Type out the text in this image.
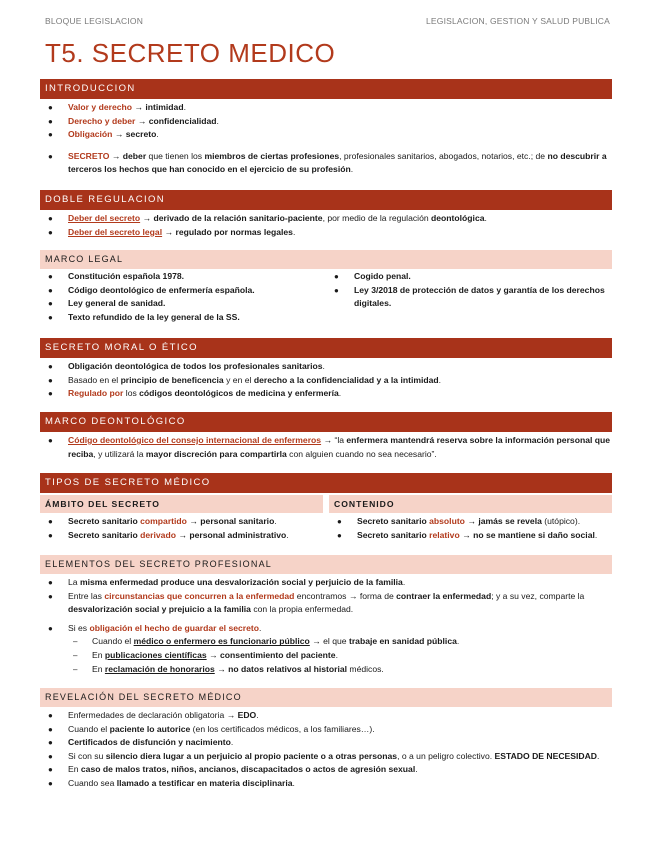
BLOQUE LEGISLACION	LEGISLACION, GESTION Y SALUD PUBLICA
T5. SECRETO MEDICO
INTRODUCCION
● Valor y derecho → intimidad.
● Derecho y deber → confidencialidad.
● Obligación → secreto.
● SECRETO → deber que tienen los miembros de ciertas profesiones, profesionales sanitarios, abogados, notarios, etc.; de no descubrir a terceros los hechos que han conocido en el ejercicio de su profesión.
DOBLE REGULACION
● Deber del secreto → derivado de la relación sanitario-paciente, por medio de la regulación deontológica.
● Deber del secreto legal → regulado por normas legales.
MARCO LEGAL
● Constitución española 1978.
● Código deontológico de enfermería española.
● Ley general de sanidad.
● Texto refundido de la ley general de la SS.
● Cogido penal.
● Ley 3/2018 de protección de datos y garantía de los derechos digitales.
SECRETO MORAL O ÉTICO
● Obligación deontológica de todos los profesionales sanitarios.
● Basado en el principio de beneficencia y en el derecho a la confidencialidad y a la intimidad.
● Regulado por los códigos deontológicos de medicina y enfermería.
MARCO DEONTOLÓGICO
● Código deontológico del consejo internacional de enfermeros → “la enfermera mantendrá reserva sobre la información personal que reciba, y utilizará la mayor discreción para compartirla con alguien cuando no sea necesario”.
TIPOS DE SECRETO MÉDICO
ÁMBITO DEL SECRETO
● Secreto sanitario compartido → personal sanitario.
● Secreto sanitario derivado → personal administrativo.
CONTENIDO
● Secreto sanitario absoluto → jamás se revela (utópico).
● Secreto sanitario relativo → no se mantiene si daño social.
ELEMENTOS DEL SECRETO PROFESIONAL
● La misma enfermedad produce una desvalorización social y perjuicio de la familia.
● Entre las circunstancias que concurren a la enfermedad encontramos → forma de contraer la enfermedad; y a su vez, comparte la desvalorización social y prejuicio a la familia con la propia enfermedad.
● Si es obligación el hecho de guardar el secreto.
– Cuando el médico o enfermero es funcionario público → el que trabaje en sanidad pública.
– En publicaciones científicas → consentimiento del paciente.
– En reclamación de honorarios → no datos relativos al historial médicos.
REVELACIÓN DEL SECRETO MÉDICO
● Enfermedades de declaración obligatoria → EDO.
● Cuando el paciente lo autorice (en los certificados médicos, a los familiares…).
● Certificados de disfunción y nacimiento.
● Si con su silencio diera lugar a un perjuicio al propio paciente o a otras personas, o a un peligro colectivo. ESTADO DE NECESIDAD.
● En caso de malos tratos, niños, ancianos, discapacitados o actos de agresión sexual.
● Cuando sea llamado a testificar en materia disciplinaria.
